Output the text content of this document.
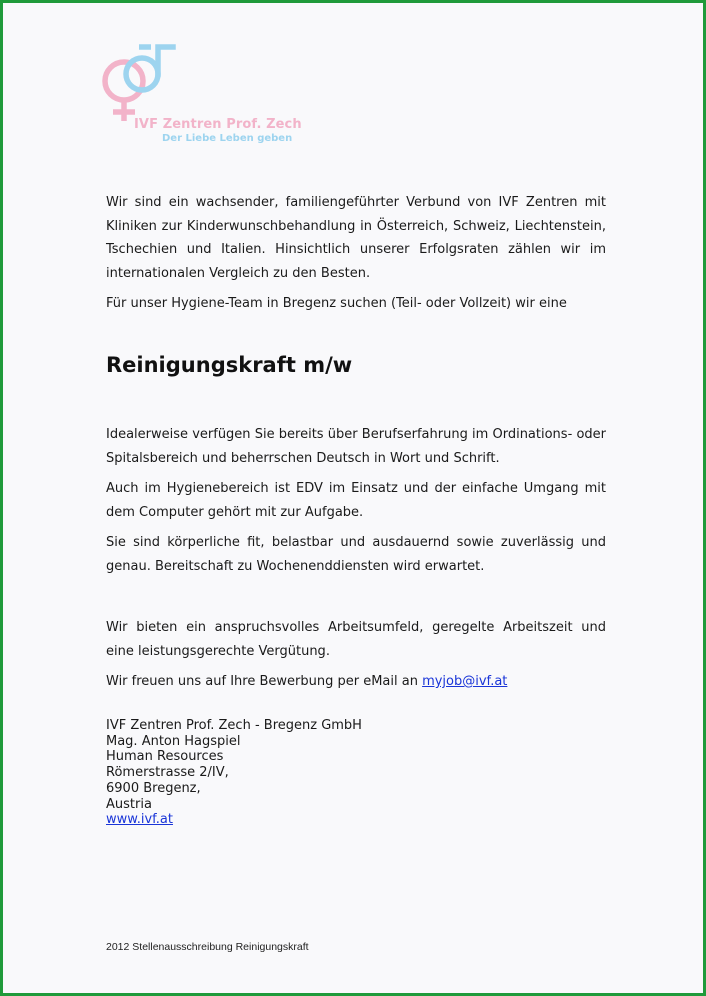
IVF Zentren Prof. Zech
Der Liebe Leben geben

Wir sind ein wachsender, familiengeführter Verbund von IVF Zentren mit Kliniken zur Kinderwunschbehandlung in Österreich, Schweiz, Liechtenstein, Tschechien und Italien. Hinsichtlich unserer Erfolgsraten zählen wir im internationalen Vergleich zu den Besten.

Für unser Hygiene-Team in Bregenz suchen (Teil- oder Vollzeit) wir eine

Reinigungskraft m/w

Idealerweise verfügen Sie bereits über Berufserfahrung im Ordinations- oder Spitalsbereich und beherrschen Deutsch in Wort und Schrift.

Auch im Hygienebereich ist EDV im Einsatz und der einfache Umgang mit dem Computer gehört mit zur Aufgabe.

Sie sind körperliche fit, belastbar und ausdauernd sowie zuverlässig und genau. Bereitschaft zu Wochenenddiensten wird erwartet.

Wir bieten ein anspruchsvolles Arbeitsumfeld, geregelte Arbeitszeit und eine leistungsgerechte Vergütung.

Wir freuen uns auf Ihre Bewerbung per eMail an myjob@ivf.at

IVF Zentren Prof. Zech - Bregenz GmbH
Mag. Anton Hagspiel
Human Resources
Römerstrasse 2/IV,
6900 Bregenz,
Austria
www.ivf.at
2012 Stellenausschreibung Reinigungskraft
